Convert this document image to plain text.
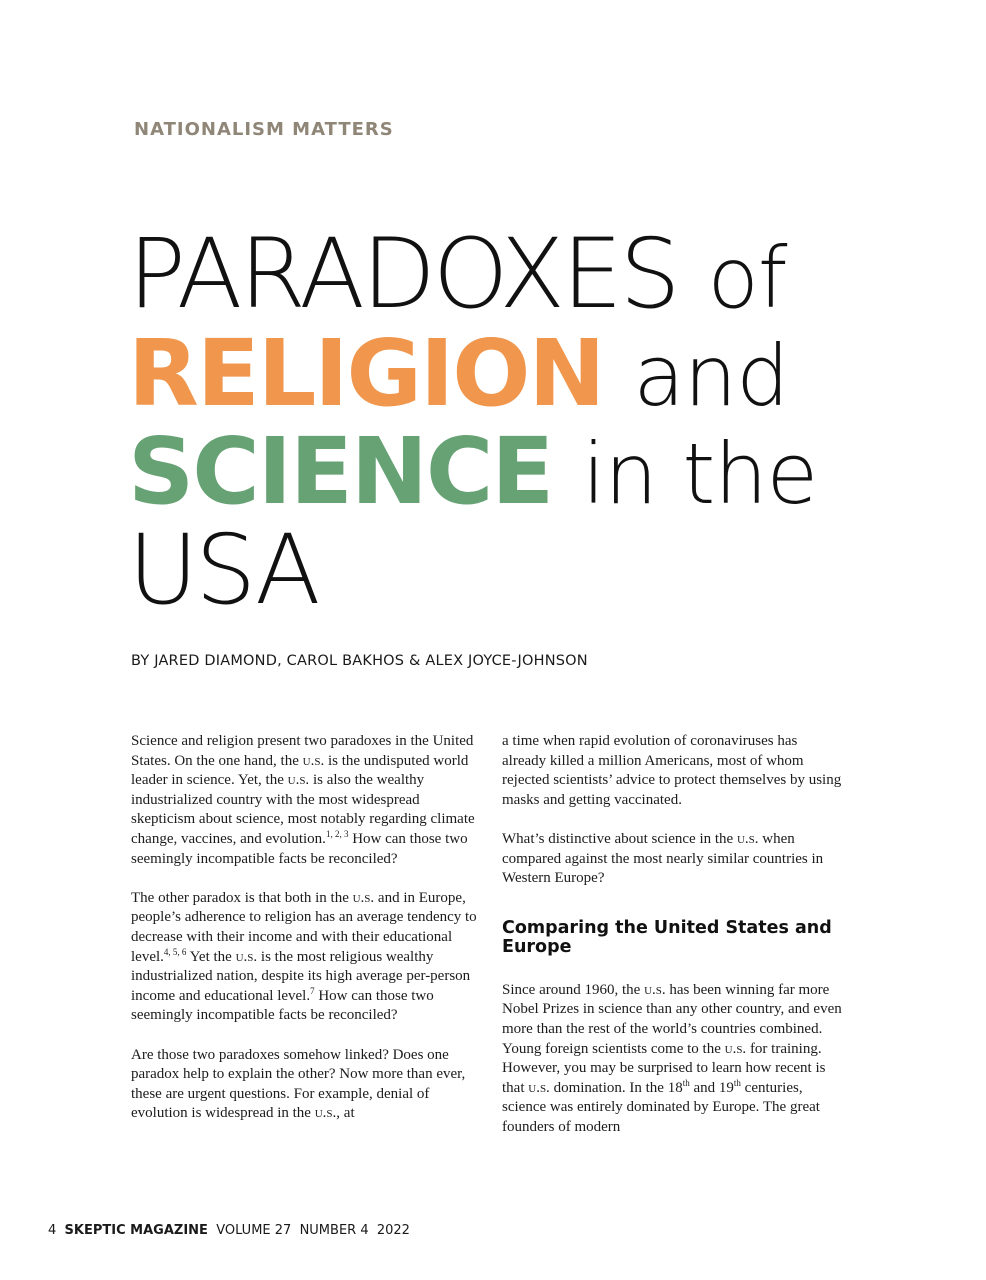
NATIONALISM MATTERS
PARADOXES of
RELIGION and
SCIENCE in the
USA
BY JARED DIAMOND, CAROL BAKHOS & ALEX JOYCE-JOHNSON

Science and religion present two paradoxes in the United States. On the one hand, the u.s. is the undisputed world leader in science. Yet, the u.s. is also the wealthy industrialized country with the most widespread skepticism about science, most notably regarding climate change, vaccines, and evolution.$^{1, 2, 3}$ How can those two seemingly incompatible facts be reconciled?

The other paradox is that both in the u.s. and in Europe, people’s adherence to religion has an average tendency to decrease with their income and with their educational level.$^{4, 5, 6}$ Yet the u.s. is the most religious wealthy industrialized nation, despite its high average per-person income and educational level.$^7$ How can those two seemingly incompatible facts be reconciled?

Are those two paradoxes somehow linked? Does one paradox help to explain the other? Now more than ever, these are urgent questions. For example, denial of evolution is widespread in the u.s., at

a time when rapid evolution of coronaviruses has already killed a million Americans, most of whom rejected scientists’ advice to protect themselves by using masks and getting vaccinated.

What’s distinctive about science in the u.s. when compared against the most nearly similar countries in Western Europe?

Comparing the United States and Europe

Since around 1960, the u.s. has been winning far more Nobel Prizes in science than any other country, and even more than the rest of the world’s countries combined. Young foreign scientists come to the u.s. for training. However, you may be surprised to learn how recent is that u.s. domination. In the 18th and 19th centuries, science was entirely dominated by Europe. The great founders of modern

4 SKEPTIC MAGAZINE VOLUME 27  NUMBER 4  2022
